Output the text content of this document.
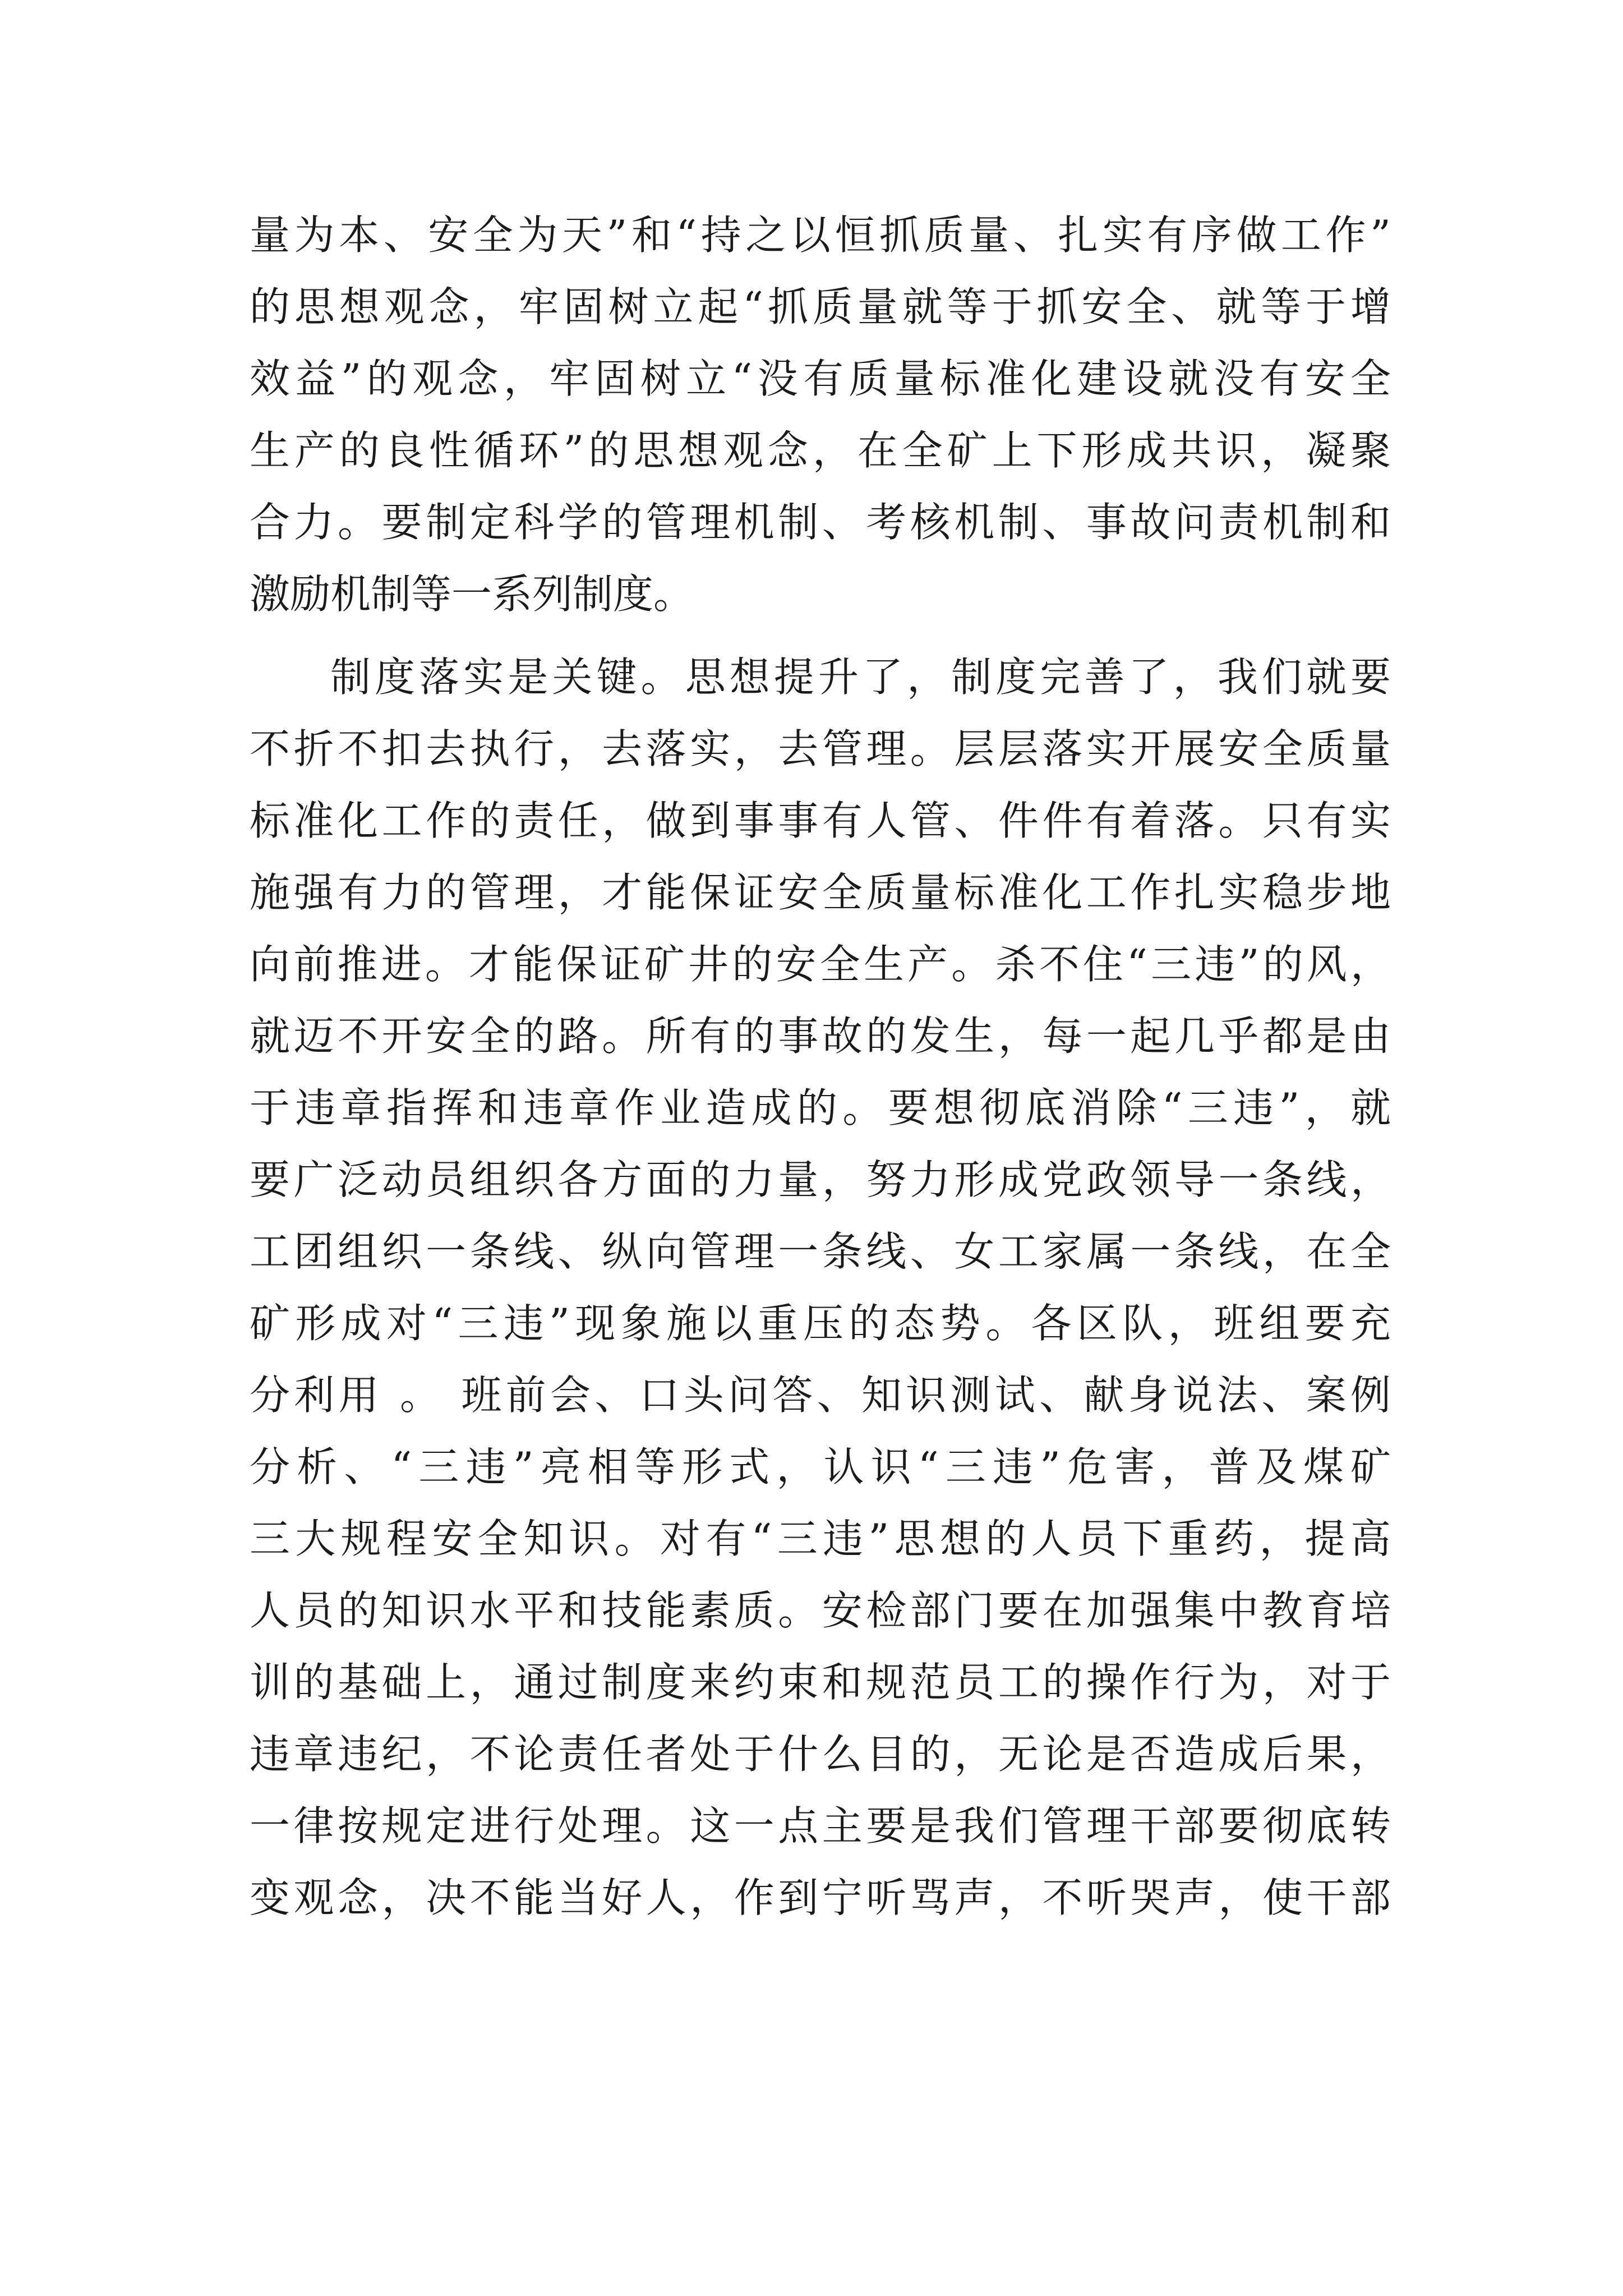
量为本、安全为天”和“持之以恒抓质量、扎实有序做工作”
的思想观念，牢固树立起“抓质量就等于抓安全、就等于增
效益”的观念，牢固树立“没有质量标准化建设就没有安全
生产的良性循环”的思想观念，在全矿上下形成共识，凝聚
合力。要制定科学的管理机制、考核机制、事故问责机制和
激励机制等一系列制度。
制度落实是关键。思想提升了，制度完善了，我们就要
不折不扣去执行，去落实，去管理。层层落实开展安全质量
标准化工作的责任，做到事事有人管、件件有着落。只有实
施强有力的管理，才能保证安全质量标准化工作扎实稳步地
向前推进。才能保证矿井的安全生产。杀不住“三违”的风，
就迈不开安全的路。所有的事故的发生，每一起几乎都是由
于违章指挥和违章作业造成的。要想彻底消除“三违”，就
要广泛动员组织各方面的力量，努力形成党政领导一条线，
工团组织一条线、纵向管理一条线、女工家属一条线，在全
矿形成对“三违”现象施以重压的态势。各区队，班组要充
分利用 。 班前会、口头问答、知识测试、献身说法、案例
分析、“三违”亮相等形式，认识“三违”危害，普及煤矿
三大规程安全知识。对有“三违”思想的人员下重药，提高
人员的知识水平和技能素质。安检部门要在加强集中教育培
训的基础上，通过制度来约束和规范员工的操作行为，对于
违章违纪，不论责任者处于什么目的，无论是否造成后果，
一律按规定进行处理。这一点主要是我们管理干部要彻底转
变观念，决不能当好人，作到宁听骂声，不听哭声，使干部
